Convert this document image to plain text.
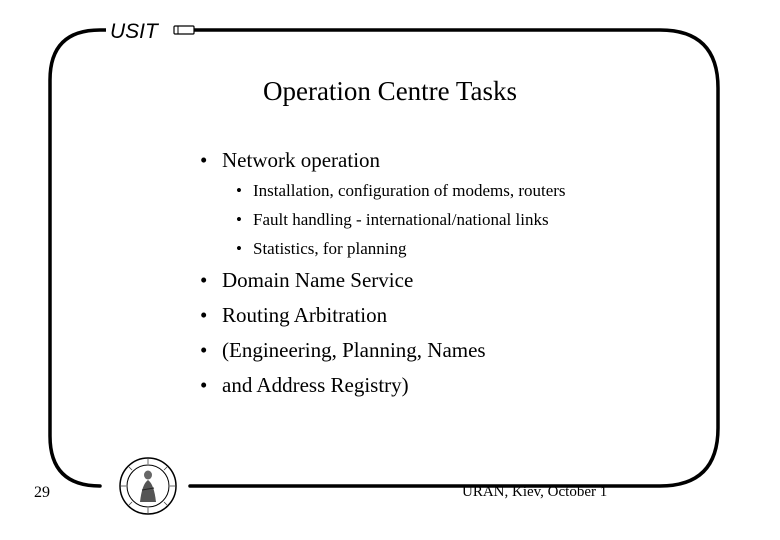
USIT
Operation Centre Tasks
• Network operation
• Installation, configuration of modems, routers
• Fault handling - international/national links
• Statistics, for planning
• Domain Name Service
• Routing Arbitration
• (Engineering, Planning, Names
• and Address Registry)
29	URAN, Kiev, October 1
